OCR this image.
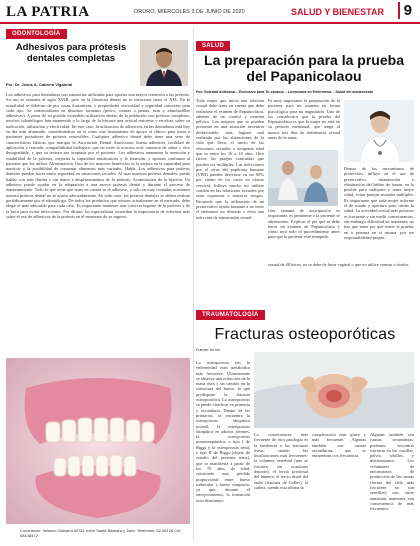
LA PATRIA	ORURO, MIÉRCOLES 3 DE JUNIO DE 2020	SALUD Y BIENESTAR	9
ODONTOLOGÍA
Adhesivos para prótesis dentales completas
Por: Dr. Jesús A. Cabrera Vigabrial
Los adhesivos para dentaduras son sustancias utilizadas para aportar una mayor retención a las prótesis. Su uso se remonta al siglo XVIII, pero en la literatura dental no se menciona hasta el XIX. En la actualidad se fabrican de por cosas ilustrativas, y propiedades viscosidad y seguridad concretas para cada tipo. Se comercializan en distintos formatos (polvo, cremas o pastas, tiras y almohadillas adhesivas). A pesar de su posible extendido utilización dentro de la población con prótesis completas, muchos odontólogos han mantenido a lo largo de la historia una actitud reticente y recelosa sobre su indicación, utilización y efectividad. En este caso, la utilización de adhesivos en las dentaduras está hoy en día más afianzado, considerándose en sí como una herramienta de apoyo al clínico para tratar a pacientes portadores de prótesis removibles. Cualquier adhesivo dental debe tener una serie de características básicas que marque la Asociación Dental Americana: buena adhesión, facilidad de aplicación y retirada, compatibilidad biológica, que no irrite la mucosa oral, ausencia de sabor y olor desagradable, y que su textura sea aceptada por el paciente. Los adhesivos aumentan la retención y estabilidad de la prótesis, mejoran la capacidad masticatoria y la fonación, y aportan confianza al paciente que los utiliza. Alimentación. Uno de los mayores beneficios es la mejora en la capacidad para masticar y la posibilidad de consumir alimentos más variados. Habla. Los adhesivos para prótesis dentales pueden hacer sentir seguridad en situaciones sociales. Al usar nuestras prótesis dentales, puede hablar con más fluidez y sin temor a desplazamientos de la prótesis. Acumulación de la fijación. Un adhesivo puede ayudar en la adaptación a una nueva prótesis dental y durante el proceso de mantenimiento. Todo lo que tiene que tener en cuenta es el adhesivo, y sólo en muy contadas ocasiones nuestra prótesis dental no se ajusta adecuadamente. En todo caso, las prótesis dentales se deben evaluar periódicamente por el odontólogo. De todos los productos que existen actualmente en el mercado, debe elegir el más adecuado para cada caso. Es importante mantener una correcta higiene de la prótesis y de la boca para evitar infecciones. Por último, los especialistas recuerdan la importancia de informar más sobre el uso de adhesivos de la prótesis en el momento de su ingreso.
Consultorio: Velasco Galvarro #2311 entre Santa Bárbara y Jaén. Teléfonos: 52-58128 Cel. 68148472
SALUD
La preparación para la prueba del Papanicolaou
Por: Soledad Antezana – Exclusivo para Tu espacio – Licenciada en Enfermería – Salud del adolescente
Toda mujer que inicia una relación sexual debe tener en cuenta que debe realizarse el examen de Papanicolaou, además de un control y examen pélvico. Las mujeres que se pueden presentar en una situación necesaria desfavorable, más higiene mal realizada por las alteraciones de la vida que lleva, el inicio de las relaciones sexuales a temprana edad que es entre los 16 a 18 años. Otro factor, las parejas contraídas que pueden ser múltiples. Las infecciones por el virus del papiloma humano (VPH) pueden derivarse en un 90% por ciento de los casos en cáncer cervical. Influye mucho no utilizar condón en las relaciones sexuales por estar expuestas a mayores riesgos. Recuerde que la utilización de un preservativo ayuda bastante a no tener el embarazo no deseado o evita una infección de transmisión sexual.
Es muy importante la preparación de la paciente para un examen en forma psicológica para no angustiarla. Uno de los consultorios que la prueba del Papanicolaou es que la mujer no esté en su período menstrual, que tenga al menos tres días de abstinencia sexual antes de la toma.
Una semana de anticipación es importante, es pertinente a la paciente se adolescente. Explicar el por qué se debe hacer un examen de Papanicolaou y cómo será todo el procedimiento antes para que la paciente esté tranquila.
Dentro de los mecanismos de protección, influye en el uso de preservativo, disminución o eliminación del hábito de fumar, en lo posible para cualquier y tener mejor salud, evitar parejas sexuales múltiples. Es importante que toda mujer informe el de estado y apertura para cuidar la salud. La actividad sexual más próximo es frecuente y sin medir consecuencias, sin embargo dificultad en mantener, no hay que tener por qué temer la prueba, en a persona en sí misma, por ser responsabilidad propia.
sexual de 48 horas, no se debe de lavar vaginal o que no utilice cremas u óvulos.
TRAUMATOLOGÍA
Fracturas osteoporóticas
Fuente: es.ivs
La osteoporosis (en la enfermedad ósea metabólica más frecuente. Ultimamente se observa una reducción de la masa ósea y un cambio en la estructura del hueso, lo que predispone la fractura osteoporótica. La osteoporosis se puede clasificar en primaria y secundaria. Dentro de las primarias, se encuentra la osteoporosis idiopática juvenil, la osteoporosis idiopática en adultos jóvenes, la osteoporosis posmenopáusica, o tipo I de Riggs y la osteoporosis senil, o tipo II de Riggs (objeto de estudio del presente tema), que se manifiesta a partir de los 70 años de edad, existiendo una pérdida proporcional entre hueso trabecular y hueso compacto, ya que, durante el envejecimiento, la formación ósea disminuye.
La consecuencia más frecuente de esta patología es la tendencia a las fracturas óseas, siendo las localizaciones más frecuentes: la columna vertebral (que se fractura sin ocasionar deporte), el tercio proximal del húmero, el tercio distal del radio (fractura de Colles), la cadera, siendo esta última la
complicación más grave y más frecuente. Algunas también son causas secundarias, que se encuentran con frecuencia.
Algunas también son causas secundarias, podemos encontrar fracturas en las costillas, pelvis, tobillos, y metatarsianos. Los volúmenes de mecanismos de producción de las causas (forma del fallo más frecuente no son sencillas) son, entre aumentar, mantener, son consecuencia de más frecuentes.
